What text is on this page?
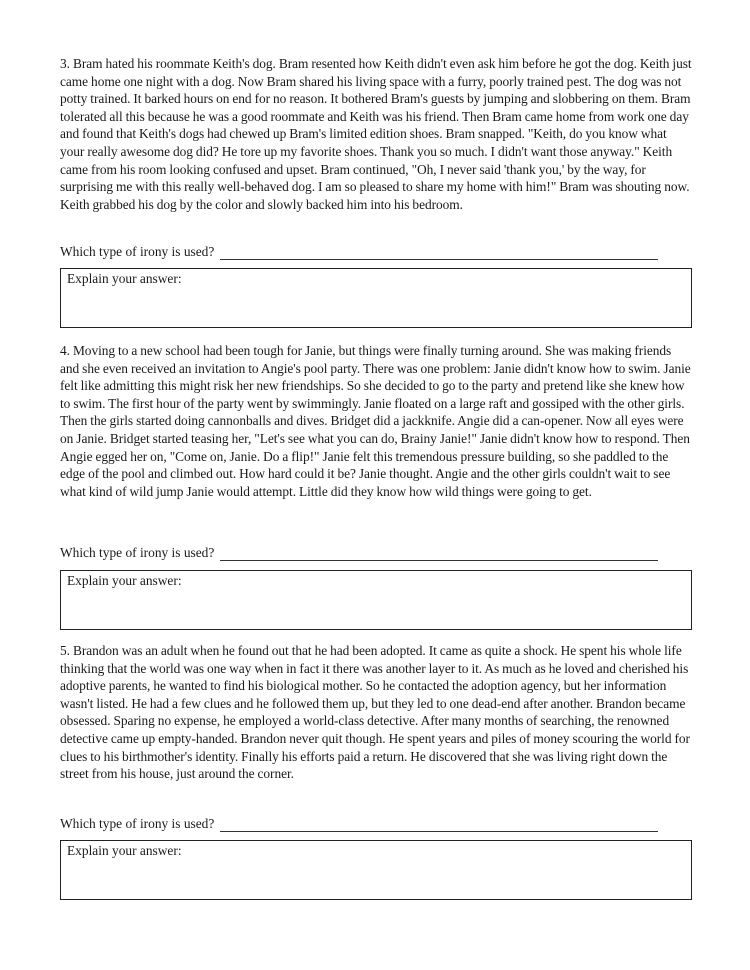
3. Bram hated his roommate Keith's dog. Bram resented how Keith didn't even ask him before he got the dog. Keith just came home one night with a dog. Now Bram shared his living space with a furry, poorly trained pest. The dog was not potty trained. It barked hours on end for no reason. It bothered Bram's guests by jumping and slobbering on them. Bram tolerated all this because he was a good roommate and Keith was his friend. Then Bram came home from work one day and found that Keith's dogs had chewed up Bram's limited edition shoes. Bram snapped. "Keith, do you know what your really awesome dog did? He tore up my favorite shoes. Thank you so much. I didn't want those anyway." Keith came from his room looking confused and upset. Bram continued, "Oh, I never said 'thank you,' by the way, for surprising me with this really well-behaved dog. I am so pleased to share my home with him!" Bram was shouting now. Keith grabbed his dog by the color and slowly backed him into his bedroom.

Which type of irony is used?
Explain your answer:

4. Moving to a new school had been tough for Janie, but things were finally turning around. She was making friends and she even received an invitation to Angie's pool party. There was one problem: Janie didn't know how to swim. Janie felt like admitting this might risk her new friendships. So she decided to go to the party and pretend like she knew how to swim. The first hour of the party went by swimmingly. Janie floated on a large raft and gossiped with the other girls. Then the girls started doing cannonballs and dives. Bridget did a jackknife. Angie did a can-opener. Now all eyes were on Janie. Bridget started teasing her, "Let's see what you can do, Brainy Janie!" Janie didn't know how to respond. Then Angie egged her on, "Come on, Janie. Do a flip!" Janie felt this tremendous pressure building, so she paddled to the edge of the pool and climbed out. How hard could it be? Janie thought. Angie and the other girls couldn't wait to see what kind of wild jump Janie would attempt. Little did they know how wild things were going to get.

Which type of irony is used?
Explain your answer:

5. Brandon was an adult when he found out that he had been adopted. It came as quite a shock. He spent his whole life thinking that the world was one way when in fact it there was another layer to it. As much as he loved and cherished his adoptive parents, he wanted to find his biological mother. So he contacted the adoption agency, but her information wasn't listed. He had a few clues and he followed them up, but they led to one dead-end after another. Brandon became obsessed. Sparing no expense, he employed a world-class detective. After many months of searching, the renowned detective came up empty-handed. Brandon never quit though. He spent years and piles of money scouring the world for clues to his birthmother's identity. Finally his efforts paid a return. He discovered that she was living right down the street from his house, just around the corner.

Which type of irony is used?
Explain your answer:
